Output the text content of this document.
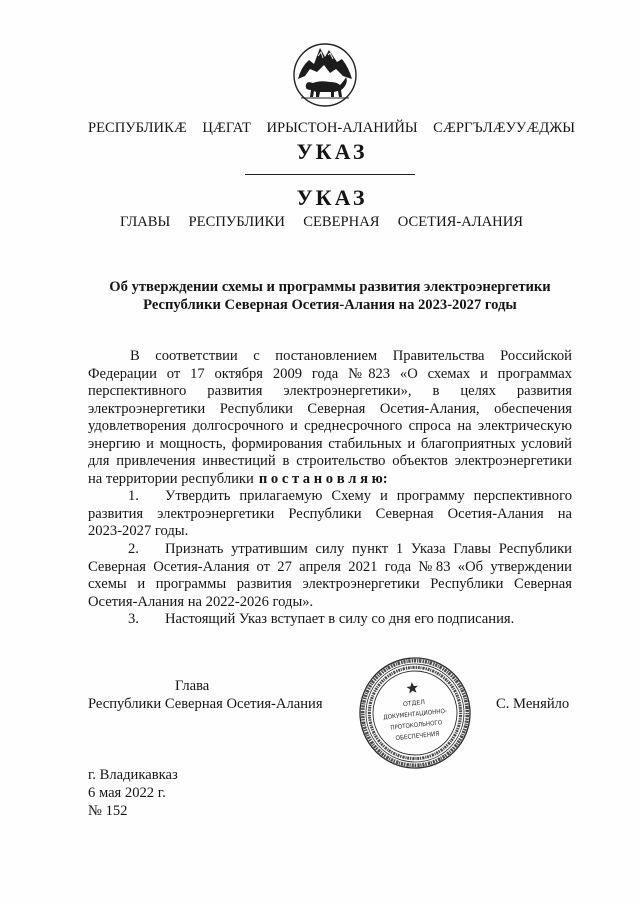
РЕСПУБЛИКӔ ЦӔГАТ ИРЫСТОН-АЛАНИЙЫ СӔРГЪЛӔУУӔДЖЫ
УКАЗ
УКАЗ
ГЛАВЫ РЕСПУБЛИКИ СЕВЕРНАЯ ОСЕТИЯ-АЛАНИЯ
Об утверждении схемы и программы развития электроэнергетики
Республики Северная Осетия-Алания на 2023-2027 годы
В соответствии с постановлением Правительства Российской
Федерации от 17 октября 2009 года №823 «О схемах и программах
перспективного развития электроэнергетики», в целях развития
электроэнергетики Республики Северная Осетия-Алания, обеспечения
удовлетворения долгосрочного и среднесрочного спроса на электрическую
энергию и мощность, формирования стабильных и благоприятных условий
для привлечения инвестиций в строительство объектов электроэнергетики
на территории республики п о с т а н о в л я ю:
1. Утвердить прилагаемую Схему и программу перспективного
развития электроэнергетики Республики Северная Осетия-Алания на
2023-2027 годы.
2. Признать утратившим силу пункт 1 Указа Главы Республики
Северная Осетия-Алания от 27 апреля 2021 года №83 «Об утверждении
схемы и программы развития электроэнергетики Республики Северная
Осетия-Алания на 2022-2026 годы».
3. Настоящий Указ вступает в силу со дня его подписания.
Глава
Республики Северная Осетия-Алания	С. Меняйло
ОТДЕЛ
ДОКУМЕНТАЦИОННО-
ПРОТОКОЛЬНОГО
ОБЕСПЕЧЕНИЯ
г. Владикавказ
6 мая 2022 г.
№ 152
